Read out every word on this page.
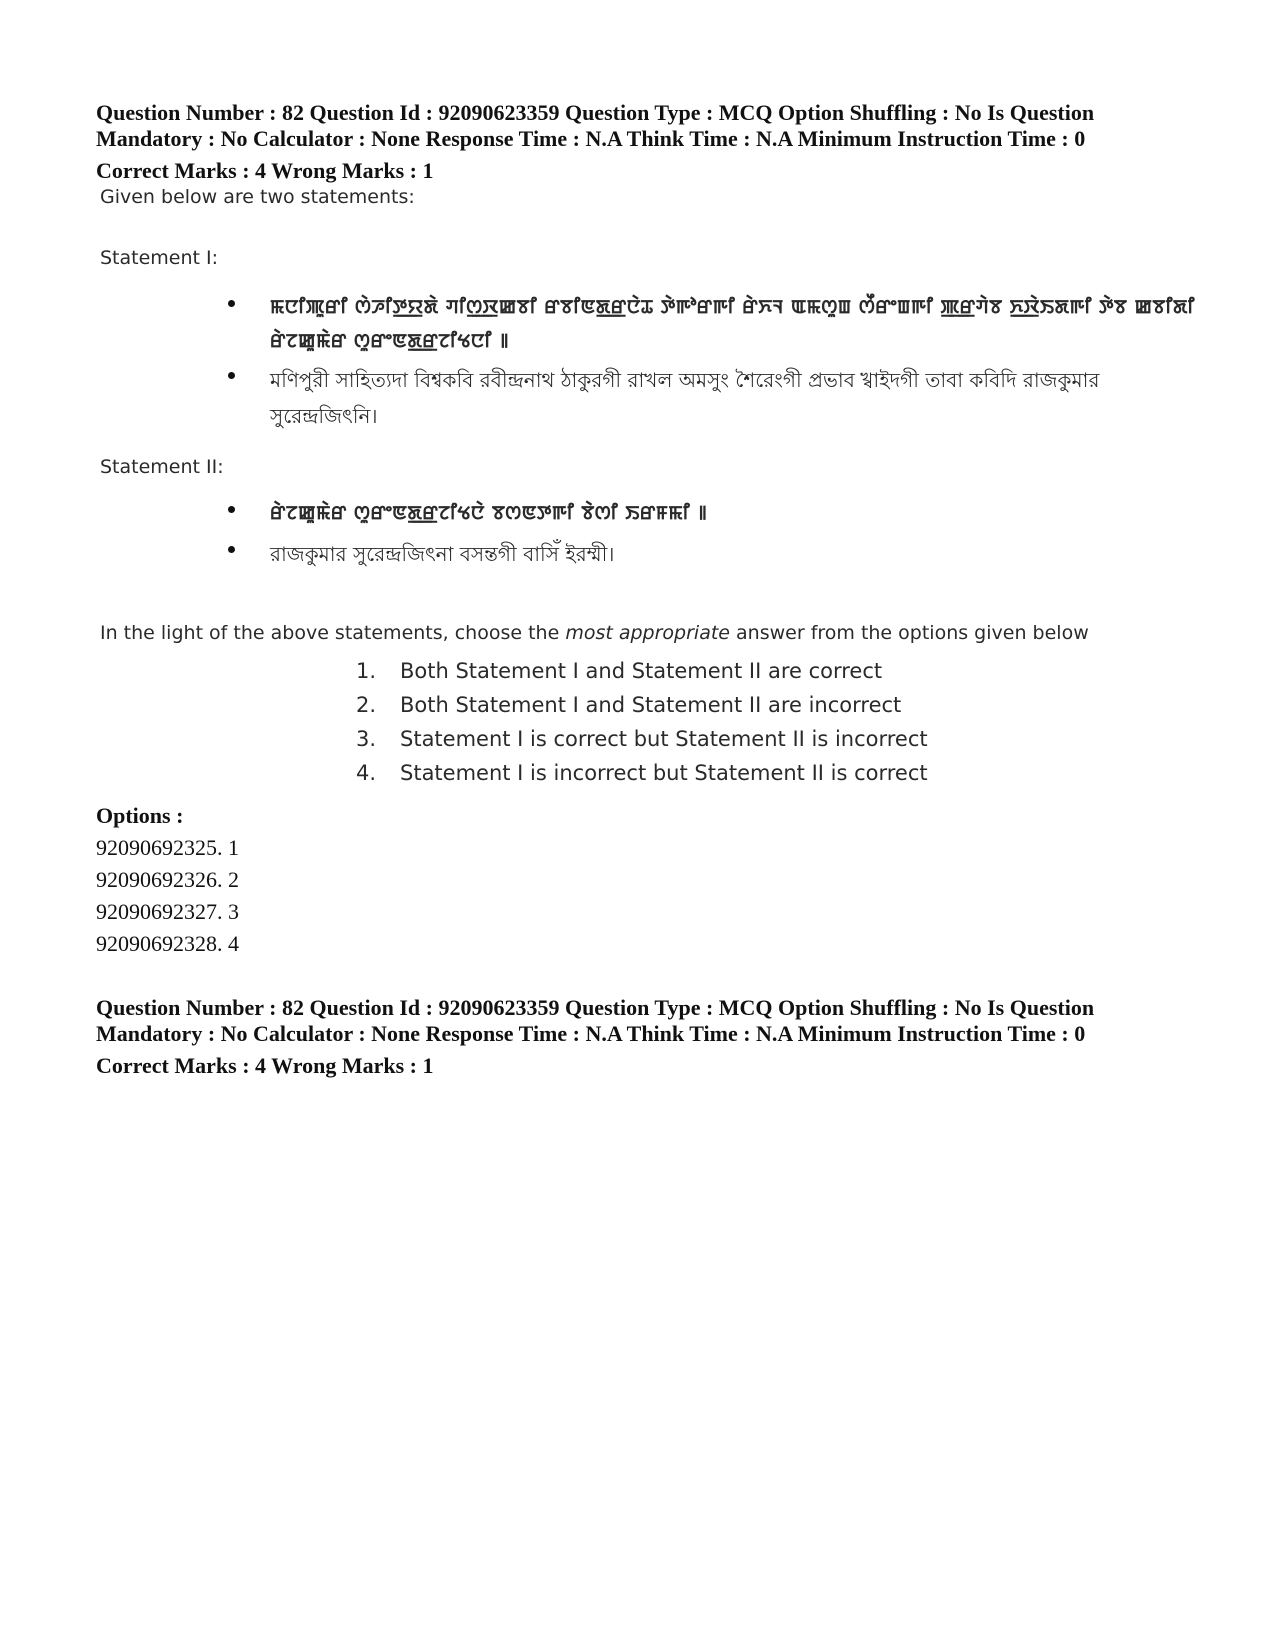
Question Number : 82 Question Id : 92090623359 Question Type : MCQ Option Shuffling : No Is Question
Mandatory : No Calculator : None Response Time : N.A Think Time : N.A Minimum Instruction Time : 0
Correct Marks : 4 Wrong Marks : 1

Given below are two statements:

Statement I:

ꯃꯅꯤꯄꯨꯔꯤ ꯁꯥꯍꯤꯇ꯭ꯌꯗꯥ ꯚꯤꯁ꯭ꯋꯀꯕꯤ ꯔꯕꯤꯟꯗ꯭ꯔꯅꯥꯊ ꯇꯥꯒꯣꯔꯒꯤ ꯔꯥꯈꯜ ꯑꯃꯁꯨꯡ ꯁꯩꯔꯦꯡꯒꯤ ꯄ꯭ꯔꯚꯥꯕ ꯈ꯭ꯋꯥꯏꯗꯒꯤ ꯇꯥꯕ ꯀꯕꯤꯗꯤ ꯔꯥꯖꯀꯨꯃꯥꯔ ꯁꯨꯔꯦꯟꯗ꯭ꯔꯖꯤꯠꯅꯤ ꯫
মণিপুরী সাহিত্যদা বিশ্বকবি রবীন্দ্রনাথ ঠাকুরগী রাখল অমসুং শৈরেংগী প্রভাব খ্বাইদগী তাবা কবিদি রাজকুমার সুরেন্দ্রজিৎনি।

Statement II:

ꯔꯥꯖꯀꯨꯃꯥꯔ ꯁꯨꯔꯦꯟꯗ꯭ꯔꯖꯤꯠꯅꯥ ꯕꯁꯟꯇꯒꯤ ꯕꯥꯁꯤ ꯏꯔꯝꯃꯤ ꯫
রাজকুমার সুরেন্দ্রজিৎনা বসন্তগী বাসিঁ ইরম্মী।

In the light of the above statements, choose the most appropriate answer from the options given below

1. Both Statement I and Statement II are correct
2. Both Statement I and Statement II are incorrect
3. Statement I is correct but Statement II is incorrect
4. Statement I is incorrect but Statement II is correct
Options :
92090692325. 1
92090692326. 2
92090692327. 3
92090692328. 4
Question Number : 82 Question Id : 92090623359 Question Type : MCQ Option Shuffling : No Is Question
Mandatory : No Calculator : None Response Time : N.A Think Time : N.A Minimum Instruction Time : 0
Correct Marks : 4 Wrong Marks : 1
